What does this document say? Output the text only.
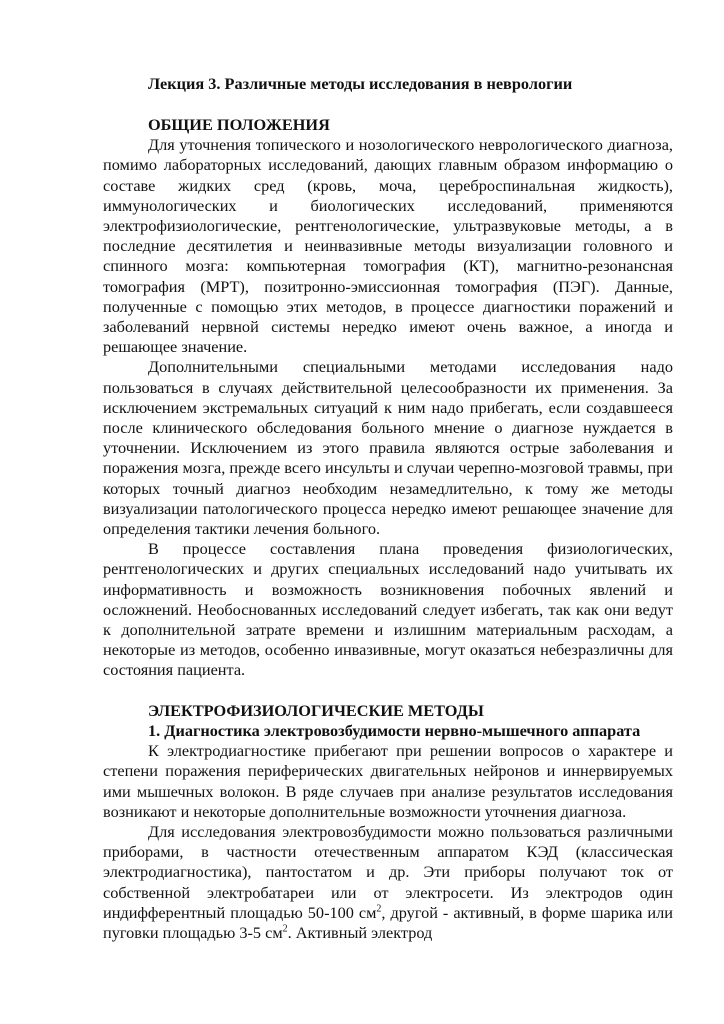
Лекция 3. Различные методы исследования в неврологии
ОБЩИЕ ПОЛОЖЕНИЯ

Для уточнения топического и нозологического неврологического диагноза, помимо лабораторных исследований, дающих главным образом информацию о составе жидких сред (кровь, моча, цереброспинальная жидкость), иммунологических и биологических исследований, применяются электрофизиологические, рентгенологические, ультразвуковые методы, а в последние десятилетия и неинвазивные методы визуализации головного и спинного мозга: компьютерная томография (КТ), магнитно-резонансная томография (МРТ), позитронно-эмиссионная томография (ПЭГ). Данные, полученные с помощью этих методов, в процессе диагностики поражений и заболеваний нервной системы нередко имеют очень важное, а иногда и решающее значение.

Дополнительными специальными методами исследования надо пользоваться в случаях действительной целесообразности их применения. За исключением экстремальных ситуаций к ним надо прибегать, если создавшееся после клинического обследования больного мнение о диагнозе нуждается в уточнении. Исключением из этого правила являются острые заболевания и поражения мозга, прежде всего инсульты и случаи черепно-мозговой травмы, при которых точный диагноз необходим незамедлительно, к тому же методы визуализации патологического процесса нередко имеют решающее значение для определения тактики лечения больного.

В процессе составления плана проведения физиологических, рентгенологических и других специальных исследований надо учитывать их информативность и возможность возникновения побочных явлений и осложнений. Необоснованных исследований следует избегать, так как они ведут к дополнительной затрате времени и излишним материальным расходам, а некоторые из методов, особенно инвазивные, могут оказаться небезразличны для состояния пациента.

ЭЛЕКТРОФИЗИОЛОГИЧЕСКИЕ МЕТОДЫ
1. Диагностика электровозбудимости нервно-мышечного аппарата

К электродиагностике прибегают при решении вопросов о характере и степени поражения периферических двигательных нейронов и иннервируемых ими мышечных волокон. В ряде случаев при анализе результатов исследования возникают и некоторые дополнительные возможности уточнения диагноза.

Для исследования электровозбудимости можно пользоваться различными приборами, в частности отечественным аппаратом КЭД (классическая электродиагностика), пантостатом и др. Эти приборы получают ток от собственной электробатареи или от электросети. Из электродов один индифферентный площадью 50-100 $см^2$, другой - активный, в форме шарика или пуговки площадью 3-5 $см^2$. Активный электрод
